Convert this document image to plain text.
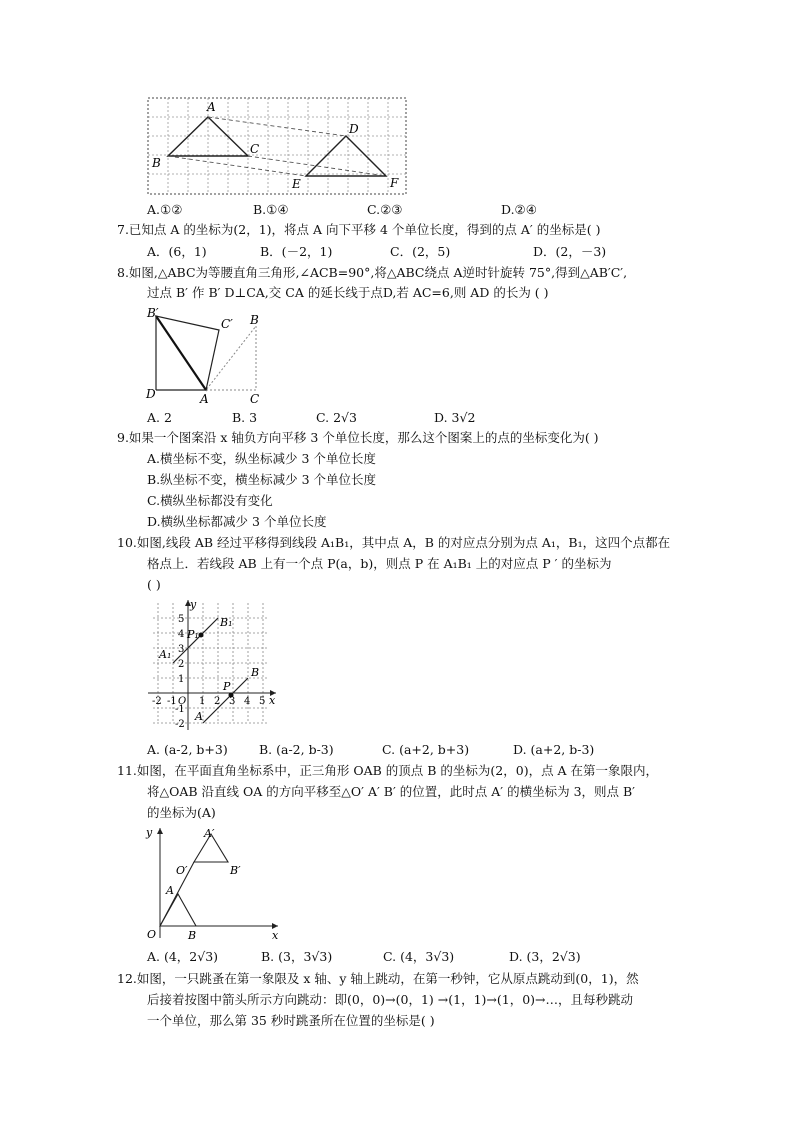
A
B
C
D
E	F
A.①②	B.①④	C.②③	D.②④
7.已知点 A 的坐标为(2，1)，将点 A 向下平移 4 个单位长度，得到的点 A′ 的坐标是( )
A．(6，1)	B．(－2，1)	C．(2，5)	D．(2，－3)
8.如图,△ABC为等腰直角三角形,∠ACB=90°,将△ABC绕点 A逆时针旋转 75°,得到△AB′C′,
过点 B′ 作 B′ D⊥CA,交 CA 的延长线于点D,若 AC=6,则 AD 的长为 ( )
B′
C′ B
D	A	C
A. 2	B. 3	C. 2√3	D. 3√2
9.如果一个图案沿 x 轴负方向平移 3 个单位长度，那么这个图案上的点的坐标变化为( )
A.横坐标不变，纵坐标减少 3 个单位长度
B.纵坐标不变，横坐标减少 3 个单位长度
C.横纵坐标都没有变化
D.横纵坐标都减少 3 个单位长度
10.如图,线段 AB 经过平移得到线段 A₁B₁，其中点 A，B 的对应点分别为点 A₁，B₁，这四个点都在
格点上．若线段 AB 上有一个点 P(a，b)，则点 P 在 A₁B₁ 上的对应点 P ′ 的坐标为
( )
y
x
O
5
4
3
2
1
-1
-2
-2 -1 1 2 3 4 5
A₁
B₁
P₁
A
B
P
A. (a-2, b+3)	B. (a-2, b-3)	C. (a+2, b+3)	D. (a+2, b-3)
11.如图，在平面直角坐标系中，正三角形 OAB 的顶点 B 的坐标为(2，0)，点 A 在第一象限内，
将△OAB 沿直线 OA 的方向平移至△O′ A′ B′ 的位置，此时点 A′ 的横坐标为 3，则点 B′
的坐标为(A)
y
x
O
A
B
O′
A′
B′
A. (4，2√3)	B. (3，3√3)	C. (4，3√3)	D. (3，2√3)
12.如图，一只跳蚤在第一象限及 x 轴、y 轴上跳动，在第一秒钟，它从原点跳动到(0，1)，然
后接着按图中箭头所示方向跳动：即(0，0)→(0，1) →(1，1)→(1，0)→…，且每秒跳动
一个单位，那么第 35 秒时跳蚤所在位置的坐标是( )
